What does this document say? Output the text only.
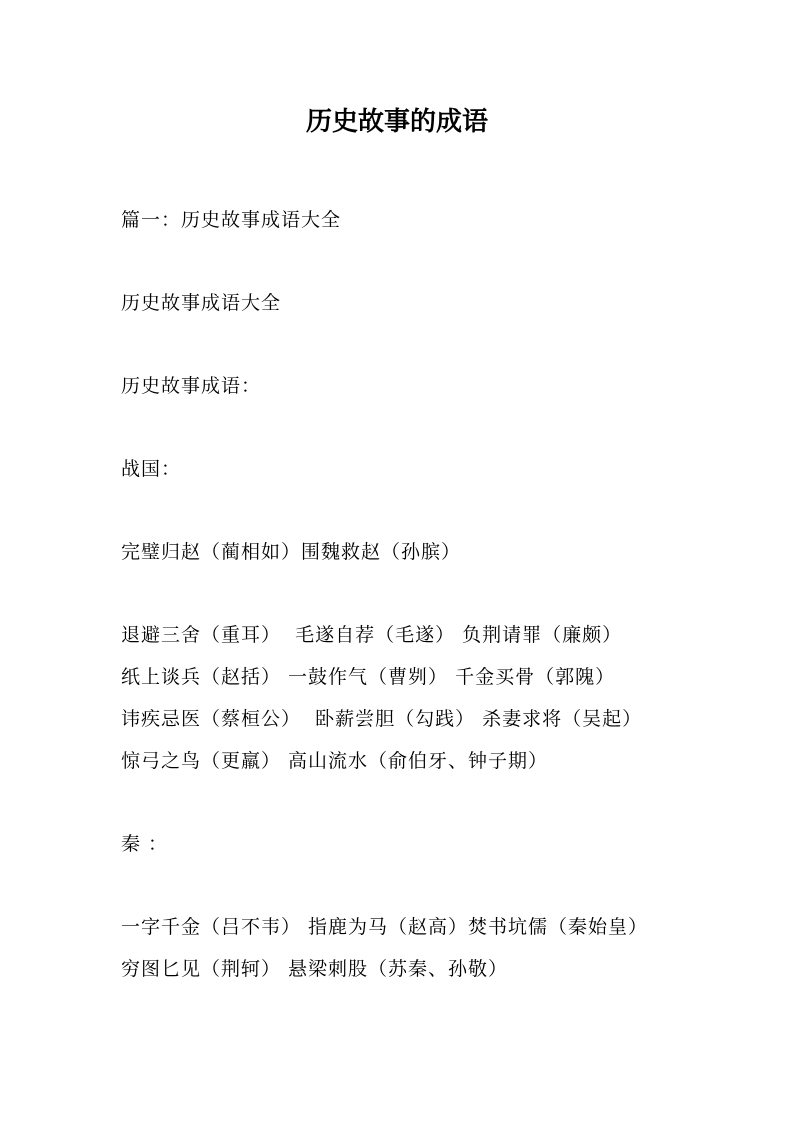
历史故事的成语
篇一：历史故事成语大全
历史故事成语大全
历史故事成语：
战国：
完璧归赵（蔺相如）围魏救赵（孙膑）
退避三舍（重耳）  毛遂自荐（毛遂） 负荆请罪（廉颇）
纸上谈兵（赵括） 一鼓作气（曹刿） 千金买骨（郭隗）
讳疾忌医（蔡桓公）  卧薪尝胆（勾践） 杀妻求将（吴起）
惊弓之鸟（更羸） 高山流水（俞伯牙、钟子期）
秦 ：
一字千金（吕不韦） 指鹿为马（赵高）焚书坑儒（秦始皇）
穷图匕见（荆轲） 悬梁刺股（苏秦、孙敬）
